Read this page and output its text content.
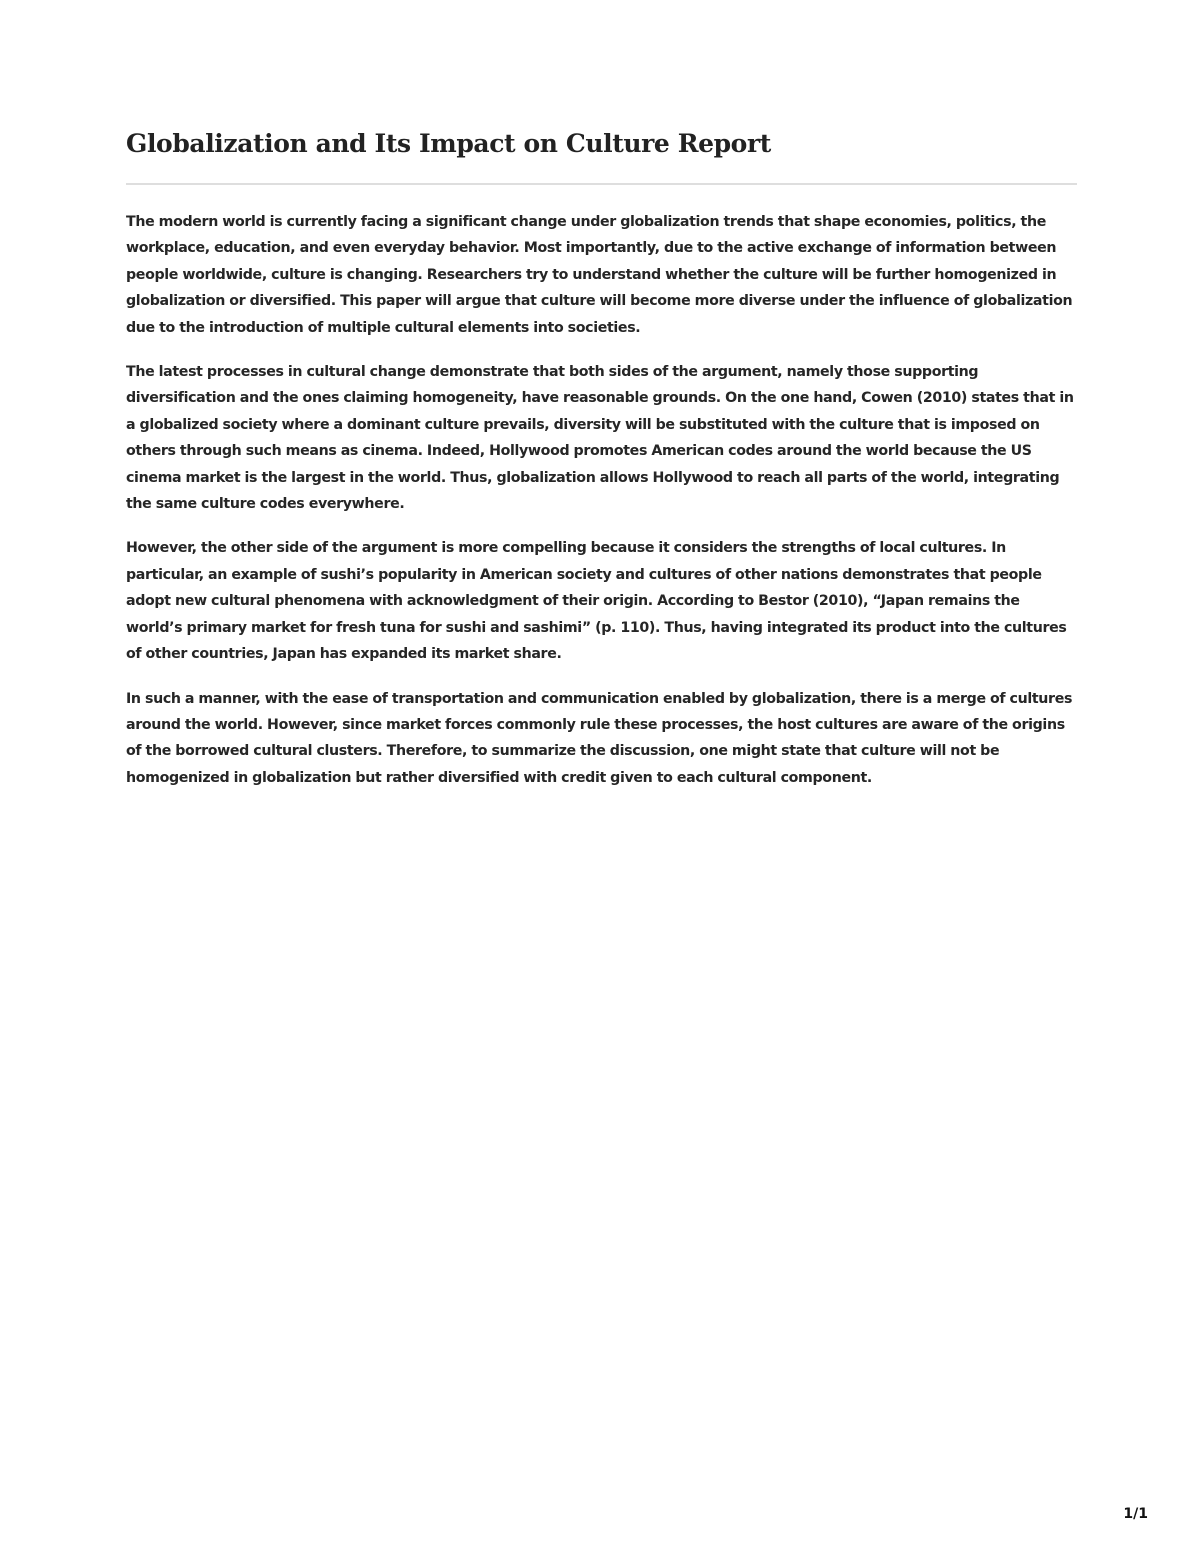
Globalization and Its Impact on Culture Report

The modern world is currently facing a significant change under globalization trends that shape economies, politics, the workplace, education, and even everyday behavior. Most importantly, due to the active exchange of information between people worldwide, culture is changing. Researchers try to understand whether the culture will be further homogenized in globalization or diversified. This paper will argue that culture will become more diverse under the influence of globalization due to the introduction of multiple cultural elements into societies.

The latest processes in cultural change demonstrate that both sides of the argument, namely those supporting diversification and the ones claiming homogeneity, have reasonable grounds. On the one hand, Cowen (2010) states that in a globalized society where a dominant culture prevails, diversity will be substituted with the culture that is imposed on others through such means as cinema. Indeed, Hollywood promotes American codes around the world because the US cinema market is the largest in the world. Thus, globalization allows Hollywood to reach all parts of the world, integrating the same culture codes everywhere.

However, the other side of the argument is more compelling because it considers the strengths of local cultures. In particular, an example of sushi’s popularity in American society and cultures of other nations demonstrates that people adopt new cultural phenomena with acknowledgment of their origin. According to Bestor (2010), “Japan remains the world’s primary market for fresh tuna for sushi and sashimi” (p. 110). Thus, having integrated its product into the cultures of other countries, Japan has expanded its market share.

In such a manner, with the ease of transportation and communication enabled by globalization, there is a merge of cultures around the world. However, since market forces commonly rule these processes, the host cultures are aware of the origins of the borrowed cultural clusters. Therefore, to summarize the discussion, one might state that culture will not be homogenized in globalization but rather diversified with credit given to each cultural component.

1/1
